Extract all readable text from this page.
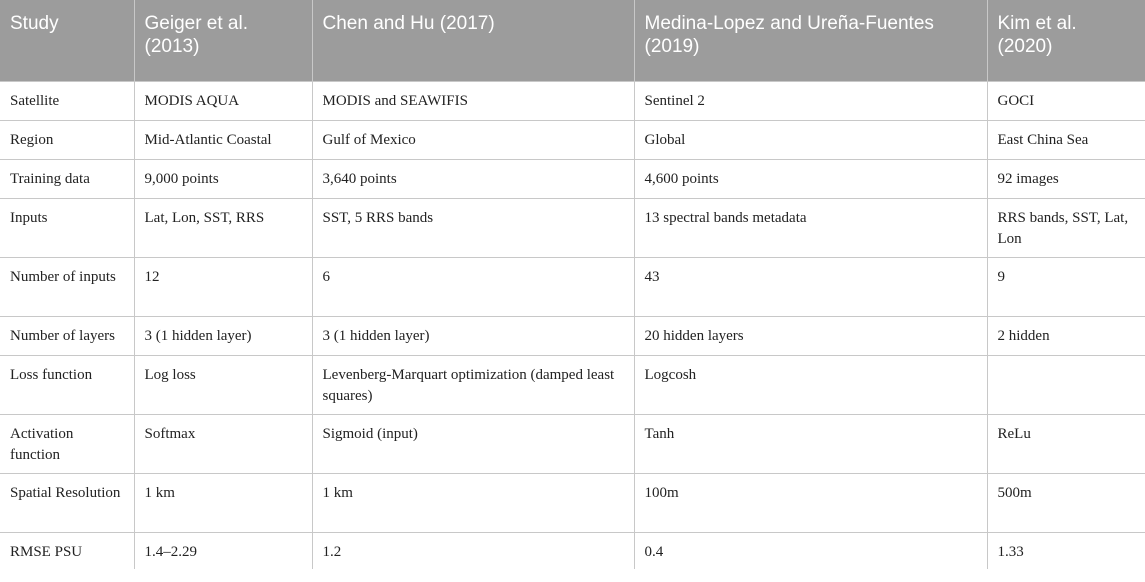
Study	Geiger et al. (2013)	Chen and Hu (2017)	Medina-Lopez and Ureña-Fuentes (2019)	Kim et al. (2020)
Satellite	MODIS AQUA	MODIS and SEAWIFIS	Sentinel 2	GOCI
Region	Mid-Atlantic Coastal	Gulf of Mexico	Global	East China Sea
Training data	9,000 points	3,640 points	4,600 points	92 images
Inputs	Lat, Lon, SST, RRS	SST, 5 RRS bands	13 spectral bands metadata	RRS bands, SST, Lat, Lon
Number of inputs	12	6	43	9
Number of layers	3 (1 hidden layer)	3 (1 hidden layer)	20 hidden layers	2 hidden
Loss function	Log loss	Levenberg-Marquart optimization (damped least squares)	Logcosh	
Activation function	Softmax	Sigmoid (input)	Tanh	ReLu
Spatial Resolution	1 km	1 km	100m	500m
RMSE PSU	1.4–2.29	1.2	0.4	1.33
